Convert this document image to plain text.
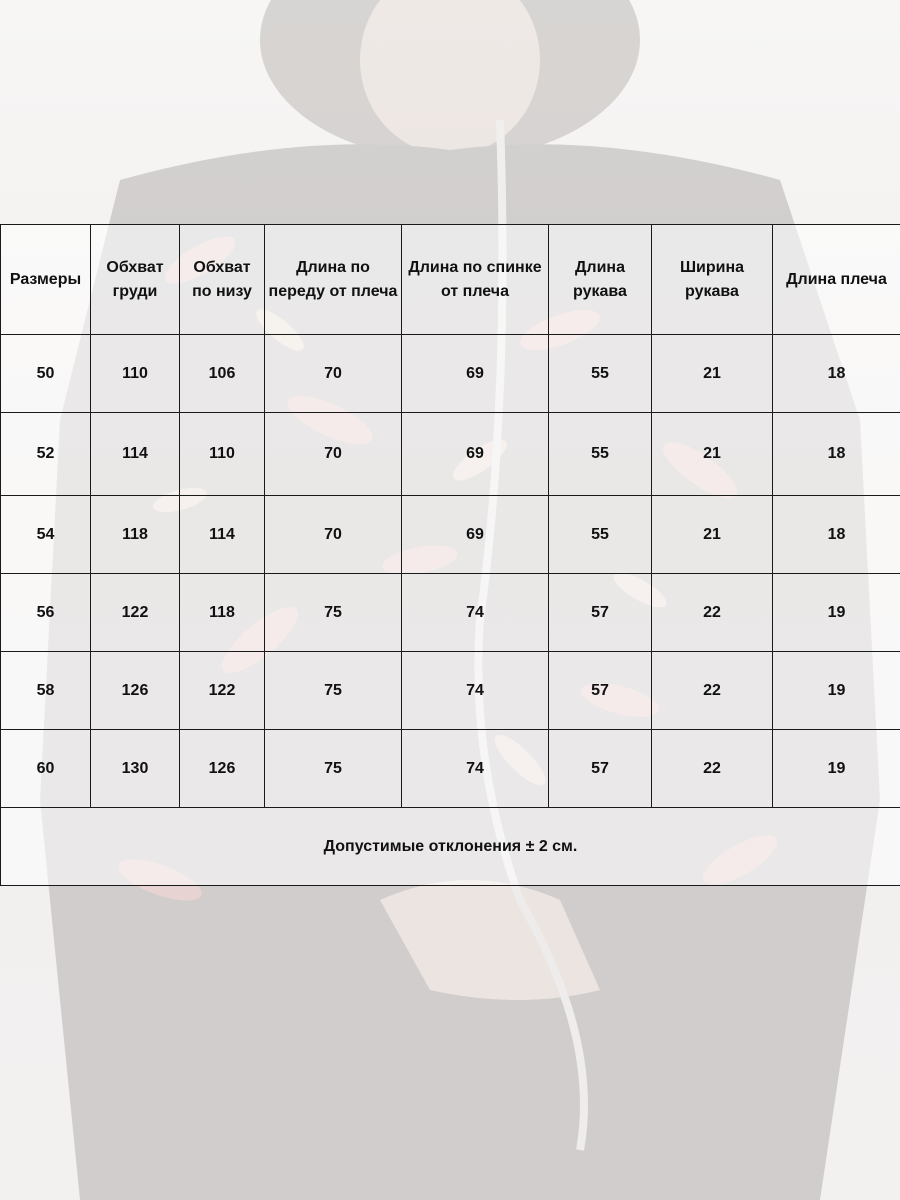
Размеры	Обхват груди	Обхват по низу	Длина по переду от плеча	Длина по спинке от плеча	Длина рукава	Ширина рукава	Длина плеча
50	110	106	70	69	55	21	18
52	114	110	70	69	55	21	18
54	118	114	70	69	55	21	18
56	122	118	75	74	57	22	19
58	126	122	75	74	57	22	19
60	130	126	75	74	57	22	19
Допустимые отклонения ± 2 см.							
